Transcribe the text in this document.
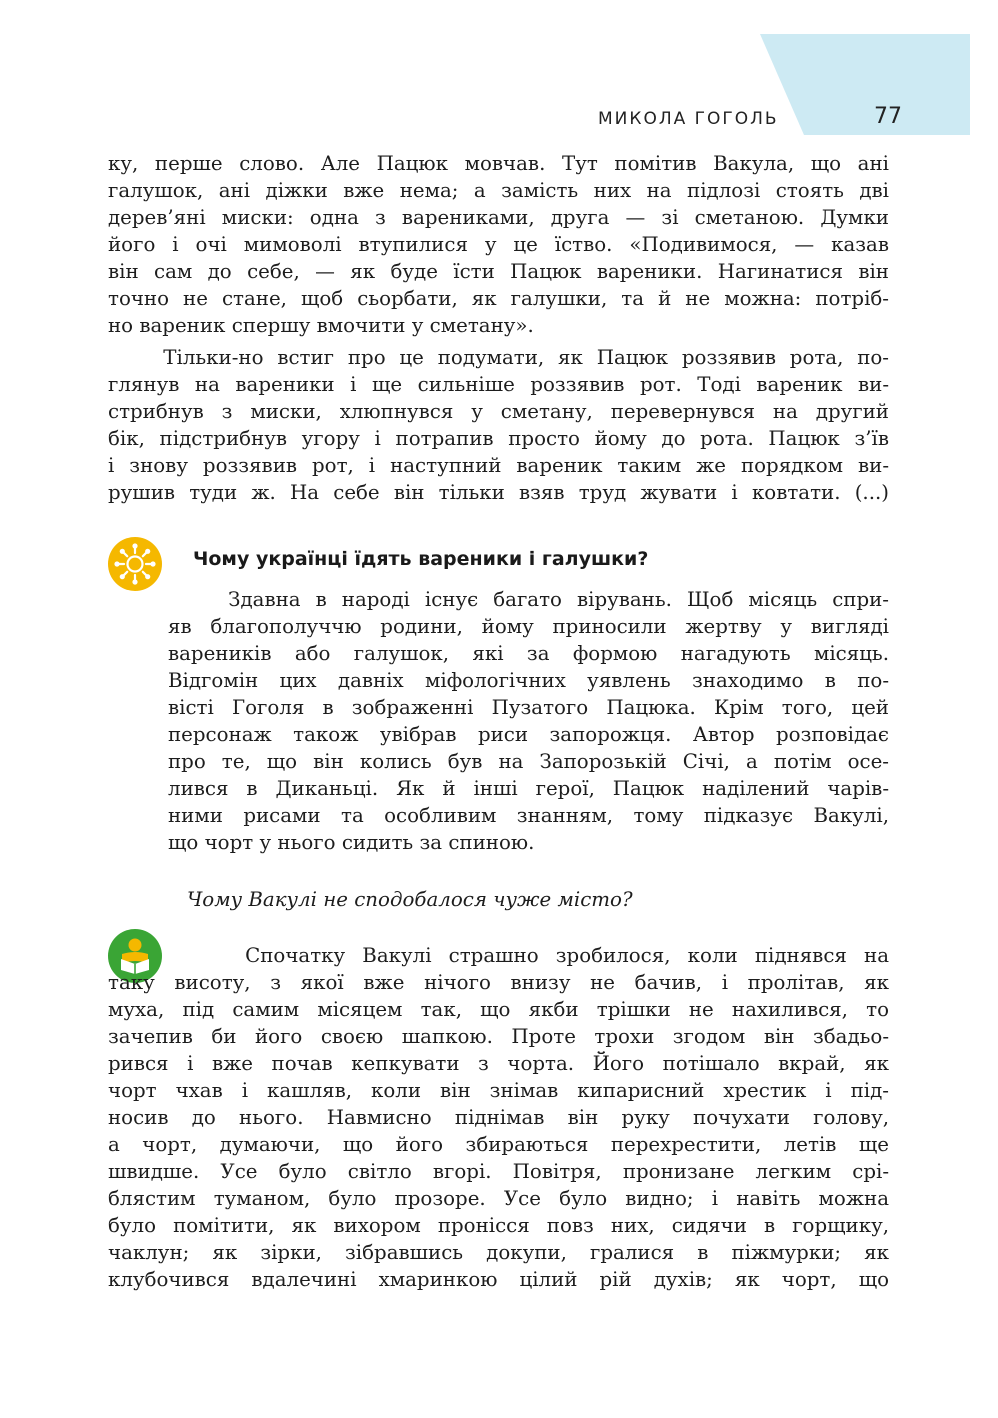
МИКОЛА ГОГОЛЬ	77
ку, перше слово. Але Пацюк мовчав. Тут помітив Вакула, що ані
галушок, ані діжки вже нема; а замість них на підлозі стоять дві
дерев’яні миски: одна з варениками, друга — зі сметаною. Думки
його і очі мимоволі втупилися у це їство. «Подивимося, — казав
він сам до себе, — як буде їсти Пацюк вареники. Нагинатися він
точно не стане, щоб сьорбати, як галушки, та й не можна: потріб-
но вареник спершу вмочити у сметану».
Тільки-но встиг про це подумати, як Пацюк роззявив рота, по-
глянув на вареники і ще сильніше роззявив рот. Тоді вареник ви-
стрибнув з миски, хлюпнувся у сметану, перевернувся на другий
бік, підстрибнув угору і потрапив просто йому до рота. Пацюк з’їв
і знову роззявив рот, і наступний вареник таким же порядком ви-
рушив туди ж. На себе він тільки взяв труд жувати і ковтати. (...)
Чому українці їдять вареники і галушки?
Здавна в народі існує багато вірувань. Щоб місяць спри-
яв благополуччю родини, йому приносили жертву у вигляді
вареників або галушок, які за формою нагадують місяць.
Відгомін цих давніх міфологічних уявлень знаходимо в по-
вісті Гоголя в зображенні Пузатого Пацюка. Крім того, цей
персонаж також увібрав риси запорожця. Автор розповідає
про те, що він колись був на Запорозькій Січі, а потім осе-
лився в Диканьці. Як й інші герої, Пацюк наділений чарів-
ними рисами та особливим знанням, тому підказує Вакулі,
що чорт у нього сидить за спиною.
Чому Вакулі не сподобалося чуже місто?
Спочатку Вакулі страшно зробилося, коли піднявся на
таку висоту, з якої вже нічого внизу не бачив, і пролітав, як
муха, під самим місяцем так, що якби трішки не нахилився, то
зачепив би його своєю шапкою. Проте трохи згодом він збадьо-
рився і вже почав кепкувати з чорта. Його потішало вкрай, як
чорт чхав і кашляв, коли він знімав кипарисний хрестик і під-
носив до нього. Навмисно піднімав він руку почухати голову,
а чорт, думаючи, що його збираються перехрестити, летів ще
швидше. Усе було світло вгорі. Повітря, пронизане легким срі-
блястим туманом, було прозоре. Усе було видно; і навіть можна
було помітити, як вихором пронісся повз них, сидячи в горщику,
чаклун; як зірки, зібравшись докупи, гралися в піжмурки; як
клубочився вдалечині хмаринкою цілий рій духів; як чорт, що
